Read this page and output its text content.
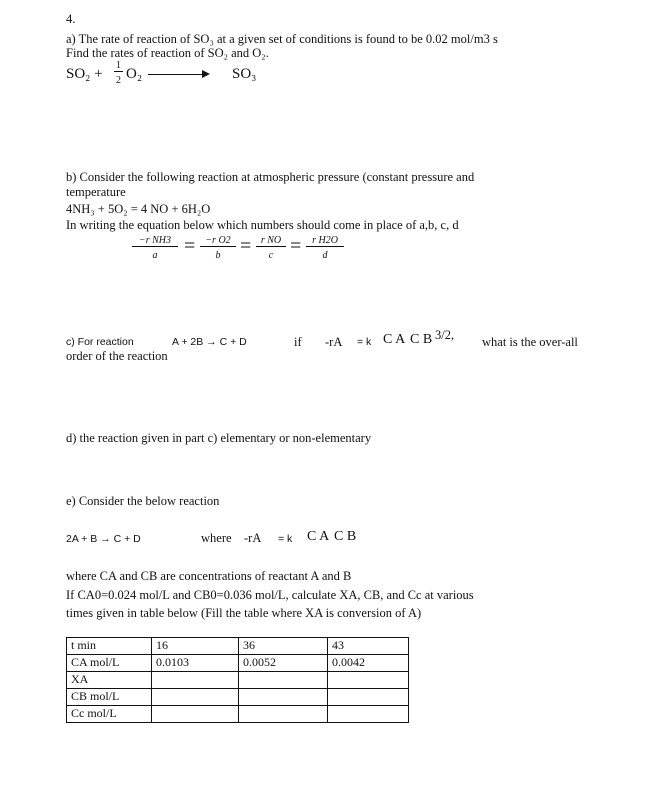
4.
a) The rate of reaction of SO₃ at a given set of conditions is found to be 0.02 mol/m3 s
Find the rates of reaction of SO₂ and O₂.
$SO_2 + \frac{1}{2} O_2$	SO₃
b) Consider the following reaction at atmospheric pressure (constant pressure and
temperature
4NH₃ + 5O₂ = 4 NO + 6H₂O
In writing the equation below which numbers should come in place of a,b, c, d
$\frac{\text{−r NH3}}{a} = \frac{\text{−r O2}}{b} = \frac{\text{r NO}}{c} = \frac{\text{r H2O}}{d}$
c) For reaction	A + 2B → C + D	if -rA = k C A C B 3/2, what is the over-all
order of the reaction
d) the reaction given in part c) elementary or non-elementary
e) Consider the below reaction
2A + B → C + D	where -rA = k C A C B
where CA and CB are concentrations of reactant A and B
If CA0=0.024 mol/L and CB0=0.036 mol/L, calculate XA, CB, and Cc at various
times given in table below (Fill the table where XA is conversion of A)
t min	16	36	43
CA mol/L	0.0103	0.0052	0.0042
XA			
CB mol/L			
Cc mol/L			
